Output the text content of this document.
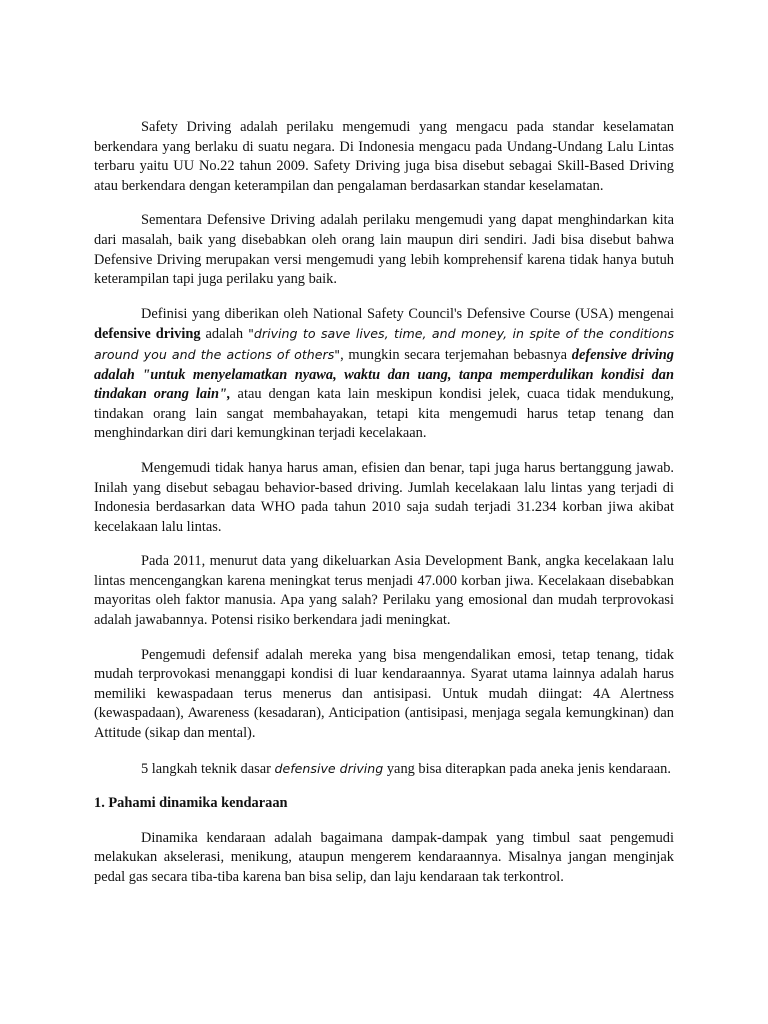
Safety Driving adalah perilaku mengemudi yang mengacu pada standar keselamatan berkendara yang berlaku di suatu negara. Di Indonesia mengacu pada Undang-Undang Lalu Lintas terbaru yaitu UU No.22 tahun 2009. Safety Driving juga bisa disebut sebagai Skill-Based Driving atau berkendara dengan keterampilan dan pengalaman berdasarkan standar keselamatan.

Sementara Defensive Driving adalah perilaku mengemudi yang dapat menghindarkan kita dari masalah, baik yang disebabkan oleh orang lain maupun diri sendiri. Jadi bisa disebut bahwa Defensive Driving merupakan versi mengemudi yang lebih komprehensif karena tidak hanya butuh keterampilan tapi juga perilaku yang baik.

Definisi yang diberikan oleh National Safety Council's Defensive Course (USA) mengenai defensive driving adalah "driving to save lives, time, and money, in spite of the conditions around you and the actions of others", mungkin secara terjemahan bebasnya defensive driving adalah "untuk menyelamatkan nyawa, waktu dan uang, tanpa memperdulikan kondisi dan tindakan orang lain", atau dengan kata lain meskipun kondisi jelek, cuaca tidak mendukung, tindakan orang lain sangat membahayakan, tetapi kita mengemudi harus tetap tenang dan menghindarkan diri dari kemungkinan terjadi kecelakaan.

Mengemudi tidak hanya harus aman, efisien dan benar, tapi juga harus bertanggung jawab. Inilah yang disebut sebagau behavior-based driving. Jumlah kecelakaan lalu lintas yang terjadi di Indonesia berdasarkan data WHO pada tahun 2010 saja sudah terjadi 31.234 korban jiwa akibat kecelakaan lalu lintas.

Pada 2011, menurut data yang dikeluarkan Asia Development Bank, angka kecelakaan lalu lintas mencengangkan karena meningkat terus menjadi 47.000 korban jiwa. Kecelakaan disebabkan mayoritas oleh faktor manusia. Apa yang salah? Perilaku yang emosional dan mudah terprovokasi adalah jawabannya. Potensi risiko berkendara jadi meningkat.

Pengemudi defensif adalah mereka yang bisa mengendalikan emosi, tetap tenang, tidak mudah terprovokasi menanggapi kondisi di luar kendaraannya. Syarat utama lainnya adalah harus memiliki kewaspadaan terus menerus dan antisipasi. Untuk mudah diingat: 4A Alertness (kewaspadaan), Awareness (kesadaran), Anticipation (antisipasi, menjaga segala kemungkinan) dan Attitude (sikap dan mental).

5 langkah teknik dasar defensive driving yang bisa diterapkan pada aneka jenis kendaraan.

1. Pahami dinamika kendaraan

Dinamika kendaraan adalah bagaimana dampak-dampak yang timbul saat pengemudi melakukan akselerasi, menikung, ataupun mengerem kendaraannya. Misalnya jangan menginjak pedal gas secara tiba-tiba karena ban bisa selip, dan laju kendaraan tak terkontrol.
